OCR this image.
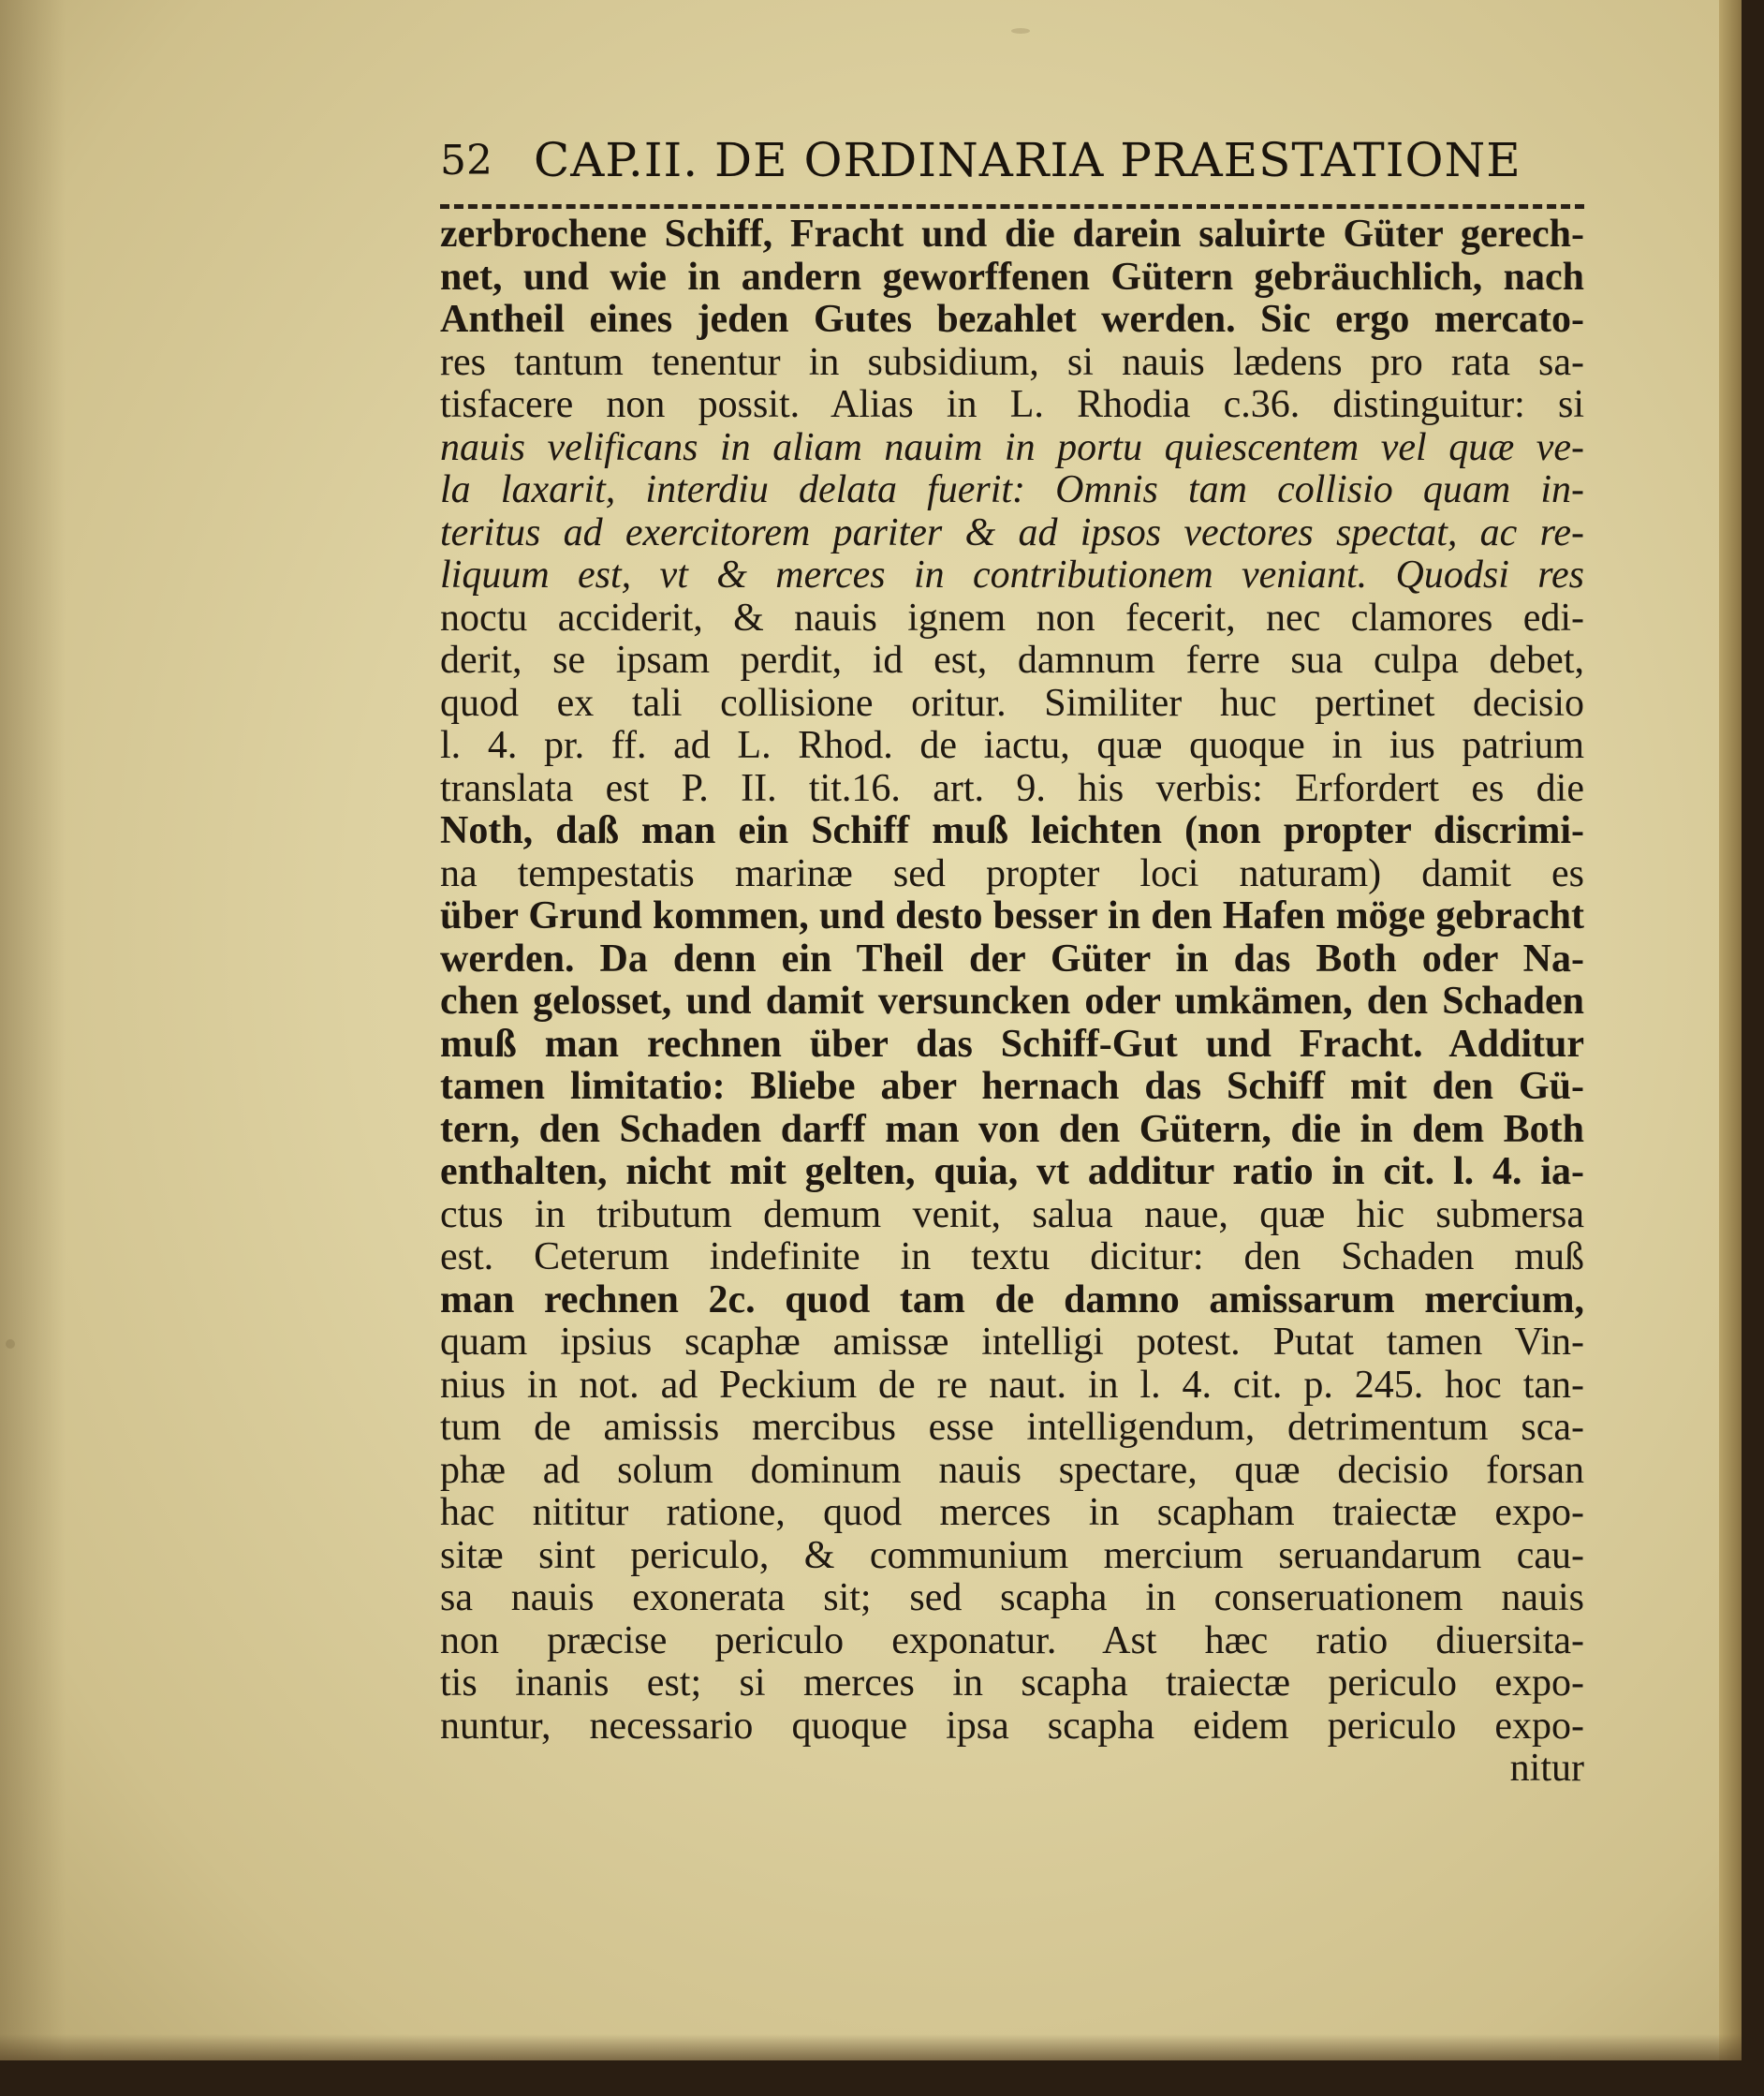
52 CAP.II. DE ORDINARIA PRAESTATIONE
zerbrochene Schiff, Fracht und die darein saluirte Güter gerech-
net, und wie in andern geworffenen Gütern gebräuchlich, nach
Antheil eines jeden Gutes bezahlet werden. Sic ergo mercato-
res tantum tenentur in subsidium, si nauis lædens pro rata sa-
tisfacere non possit. Alias in L. Rhodia c.36. distinguitur: si
nauis velificans in aliam nauim in portu quiescentem vel quæ ve-
la laxarit, interdiu delata fuerit: Omnis tam collisio quam in-
teritus ad exercitorem pariter & ad ipsos vectores spectat, ac re-
liquum est, vt & merces in contributionem veniant. Quodsi res
noctu acciderit, & nauis ignem non fecerit, nec clamores edi-
derit, se ipsam perdit, id est, damnum ferre sua culpa debet,
quod ex tali collisione oritur. Similiter huc pertinet decisio
l. 4. pr. ff. ad L. Rhod. de iactu, quæ quoque in ius patrium
translata est P. II. tit.16. art. 9. his verbis: Erfordert es die
Noth, daß man ein Schiff muß leichten (non propter discrimi-
na tempestatis marinæ sed propter loci naturam) damit es
über Grund kommen, und desto besser in den Hafen möge gebracht
werden. Da denn ein Theil der Güter in das Both oder Na-
chen gelosset, und damit versuncken oder umkämen, den Schaden
muß man rechnen über das Schiff-Gut und Fracht. Additur
tamen limitatio: Bliebe aber hernach das Schiff mit den Gü-
tern, den Schaden darff man von den Gütern, die in dem Both
enthalten, nicht mit gelten, quia, vt additur ratio in cit. l. 4. ia-
ctus in tributum demum venit, salua naue, quæ hic submersa
est. Ceterum indefinite in textu dicitur: den Schaden muß
man rechnen 2c. quod tam de damno amissarum mercium,
quam ipsius scaphæ amissæ intelligi potest. Putat tamen Vin-
nius in not. ad Peckium de re naut. in l. 4. cit. p. 245. hoc tan-
tum de amissis mercibus esse intelligendum, detrimentum sca-
phæ ad solum dominum nauis spectare, quæ decisio forsan
hac nititur ratione, quod merces in scapham traiectæ expo-
sitæ sint periculo, & communium mercium seruandarum cau-
sa nauis exonerata sit; sed scapha in conseruationem nauis
non præcise periculo exponatur. Ast hæc ratio diuersita-
tis inanis est; si merces in scapha traiectæ periculo expo-
nuntur, necessario quoque ipsa scapha eidem periculo expo-
nitur
